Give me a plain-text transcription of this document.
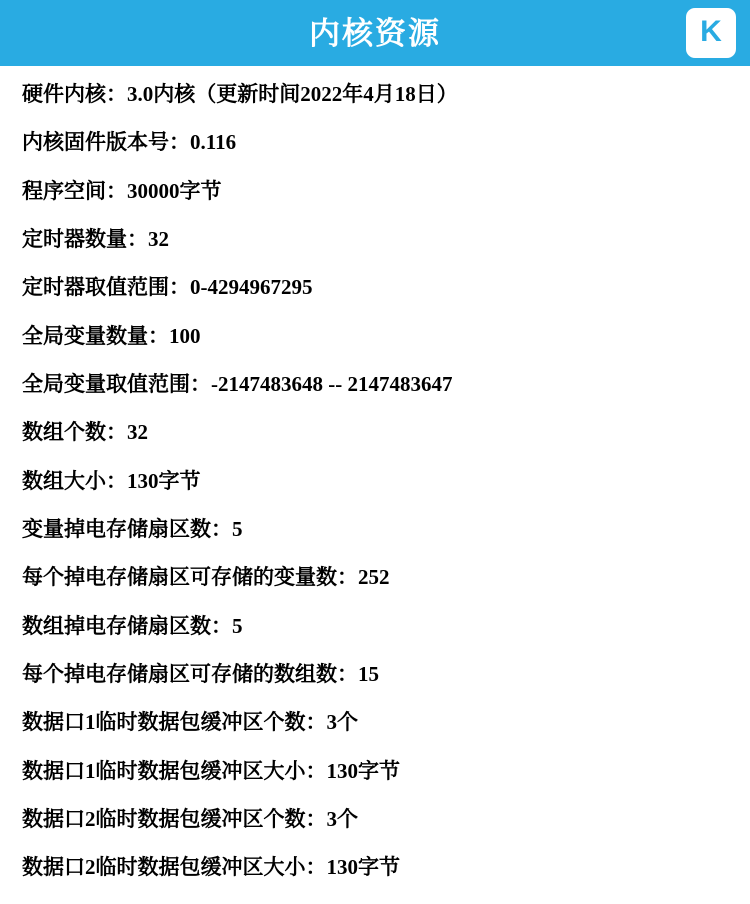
内核资源	K
硬件内核：3.0内核（更新时间2022年4月18日）
内核固件版本号：0.116
程序空间：30000字节
定时器数量：32
定时器取值范围：0-4294967295
全局变量数量：100
全局变量取值范围：-2147483648 -- 2147483647
数组个数：32
数组大小：130字节
变量掉电存储扇区数：5
每个掉电存储扇区可存储的变量数：252
数组掉电存储扇区数：5
每个掉电存储扇区可存储的数组数：15
数据口1临时数据包缓冲区个数：3个
数据口1临时数据包缓冲区大小：130字节
数据口2临时数据包缓冲区个数：3个
数据口2临时数据包缓冲区大小：130字节
